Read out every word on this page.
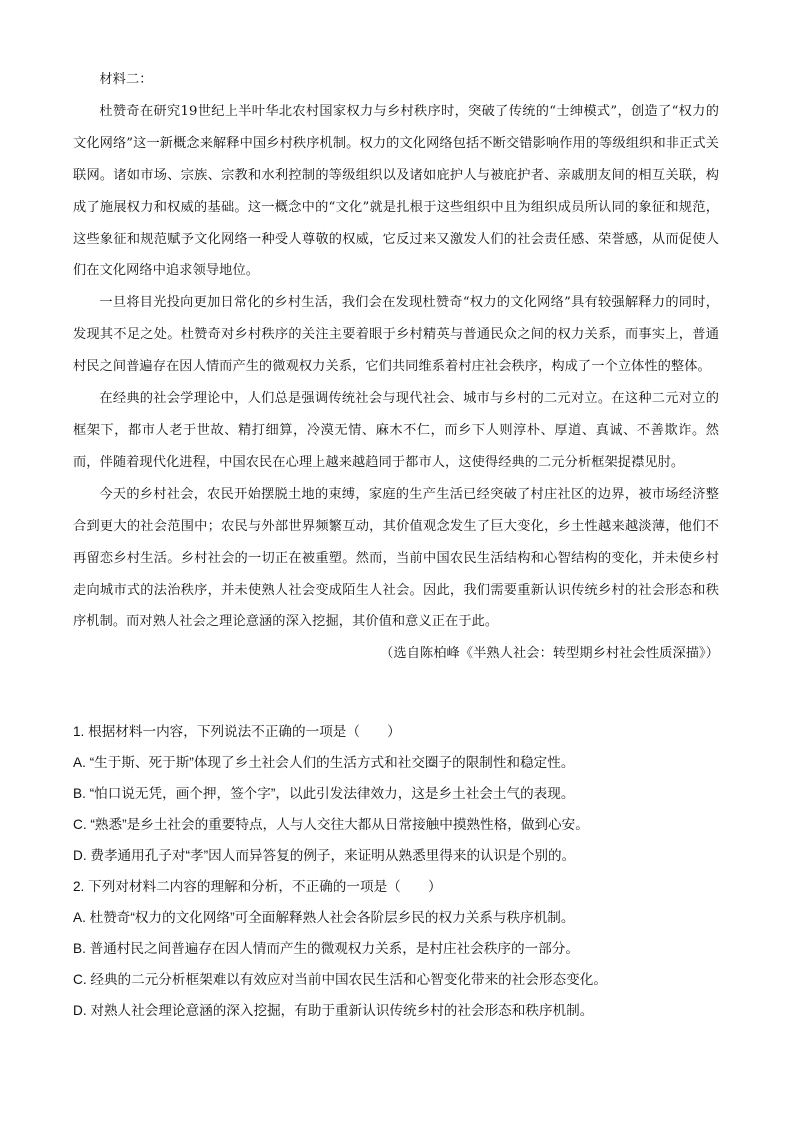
材料二：

杜赞奇在研究19世纪上半叶华北农村国家权力与乡村秩序时，突破了传统的“士绅模式”，创造了“权力的文化网络”这一新概念来解释中国乡村秩序机制。权力的文化网络包括不断交错影响作用的等级组织和非正式关联网。诸如市场、宗族、宗教和水利控制的等级组织以及诸如庇护人与被庇护者、亲戚朋友间的相互关联，构成了施展权力和权威的基础。这一概念中的“文化”就是扎根于这些组织中且为组织成员所认同的象征和规范，这些象征和规范赋予文化网络一种受人尊敬的权威，它反过来又激发人们的社会责任感、荣誉感，从而促使人们在文化网络中追求领导地位。

一旦将目光投向更加日常化的乡村生活，我们会在发现杜赞奇“权力的文化网络”具有较强解释力的同时，发现其不足之处。杜赞奇对乡村秩序的关注主要着眼于乡村精英与普通民众之间的权力关系，而事实上，普通村民之间普遍存在因人情而产生的微观权力关系，它们共同维系着村庄社会秩序，构成了一个立体性的整体。

在经典的社会学理论中，人们总是强调传统社会与现代社会、城市与乡村的二元对立。在这种二元对立的框架下，都市人老于世故、精打细算，冷漠无情、麻木不仁，而乡下人则淳朴、厚道、真诚、不善欺诈。然而，伴随着现代化进程，中国农民在心理上越来越趋同于都市人，这使得经典的二元分析框架捉襟见肘。

今天的乡村社会，农民开始摆脱土地的束缚，家庭的生产生活已经突破了村庄社区的边界，被市场经济整合到更大的社会范围中；农民与外部世界频繁互动，其价值观念发生了巨大变化，乡土性越来越淡薄，他们不再留恋乡村生活。乡村社会的一切正在被重塑。然而，当前中国农民生活结构和心智结构的变化，并未使乡村走向城市式的法治秩序，并未使熟人社会变成陌生人社会。因此，我们需要重新认识传统乡村的社会形态和秩序机制。而对熟人社会之理论意涵的深入挖掘，其价值和意义正在于此。

（选自陈柏峰《半熟人社会：转型期乡村社会性质深描》）

1. 根据材料一内容，下列说法不正确的一项是（　　）

A. “生于斯、死于斯”体现了乡土社会人们的生活方式和社交圈子的限制性和稳定性。

B. “怕口说无凭，画个押，签个字”，以此引发法律效力，这是乡土社会土气的表现。

C. “熟悉”是乡土社会的重要特点，人与人交往大都从日常接触中摸熟性格，做到心安。

D. 费孝通用孔子对“孝”因人而异答复的例子，来证明从熟悉里得来的认识是个别的。

2. 下列对材料二内容的理解和分析，不正确的一项是（　　）

A. 杜赞奇“权力的文化网络”可全面解释熟人社会各阶层乡民的权力关系与秩序机制。

B. 普通村民之间普遍存在因人情而产生的微观权力关系，是村庄社会秩序的一部分。

C. 经典的二元分析框架难以有效应对当前中国农民生活和心智变化带来的社会形态变化。

D. 对熟人社会理论意涵的深入挖掘，有助于重新认识传统乡村的社会形态和秩序机制。
